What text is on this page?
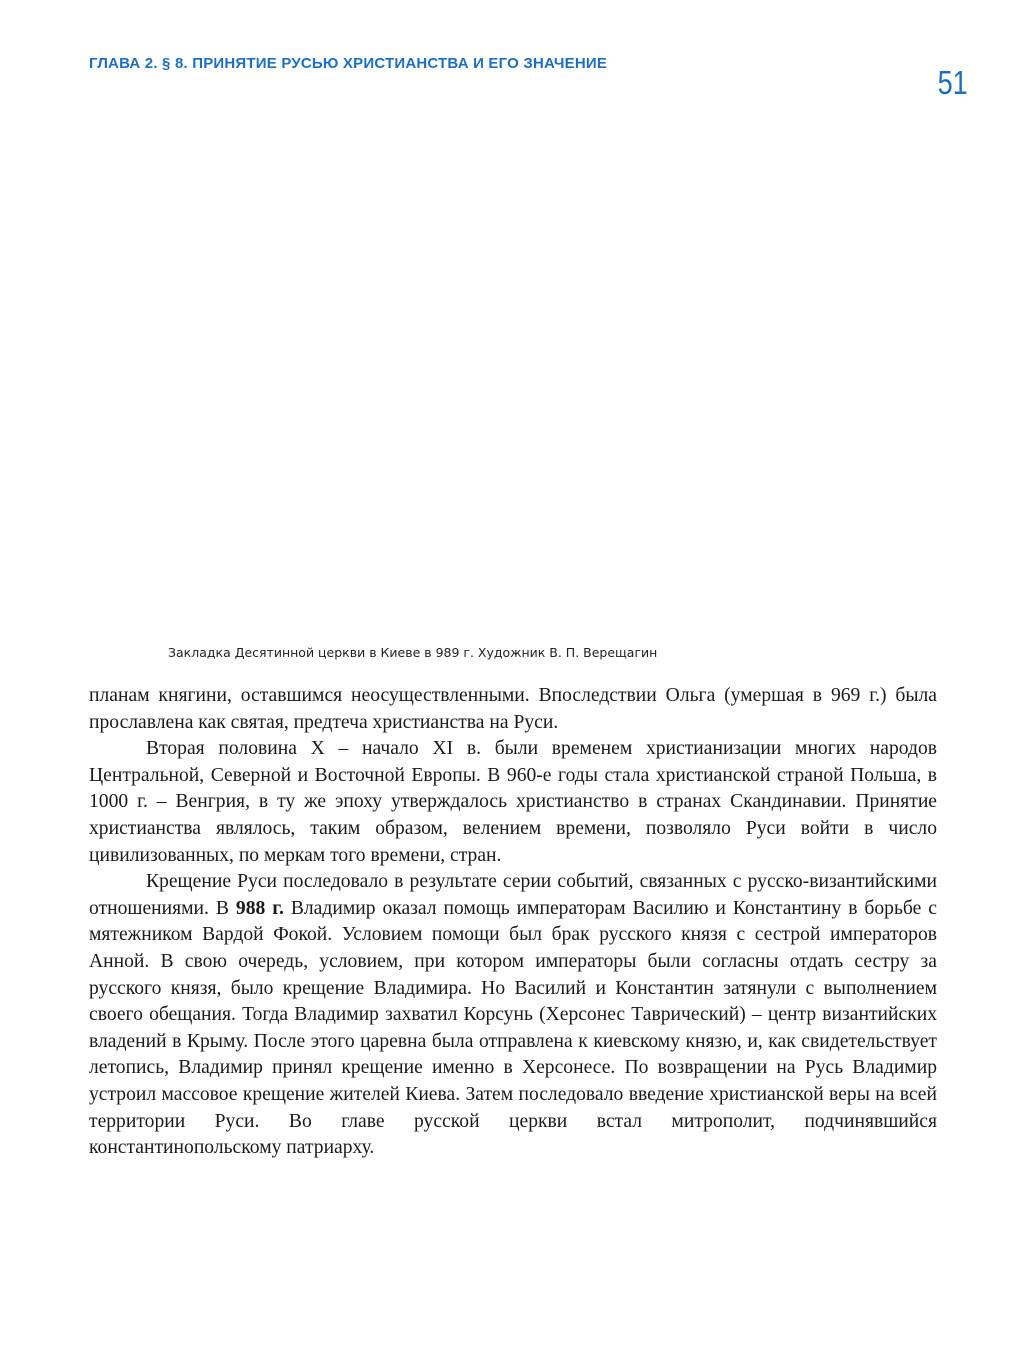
ГЛАВА 2. § 8. ПРИНЯТИЕ РУСЬЮ ХРИСТИАНСТВА И ЕГО ЗНАЧЕНИЕ
51
Закладка Десятинной церкви в Киеве в 989 г. Художник В. П. Верещагин

планам княгини, оставшимся неосуществленными. Впоследствии Ольга (умершая в 969 г.) была прославлена как святая, предтеча христианства на Руси.

Вторая половина X – начало XI в. были временем христианизации многих народов Центральной, Северной и Восточной Европы. В 960-е годы стала христианской страной Польша, в 1000 г. – Венгрия, в ту же эпоху утверждалось христианство в странах Скандинавии. Принятие христианства являлось, таким образом, велением времени, позволяло Руси войти в число цивилизованных, по меркам того времени, стран.

Крещение Руси последовало в результате серии событий, связанных с русско-византийскими отношениями. В 988 г. Владимир оказал помощь императорам Василию и Константину в борьбе с мятежником Вардой Фокой. Условием помощи был брак русского князя с сестрой императоров Анной. В свою очередь, условием, при котором императоры были согласны отдать сестру за русского князя, было крещение Владимира. Но Василий и Константин затянули с выполнением своего обещания. Тогда Владимир захватил Корсунь (Херсонес Таврический) – центр византийских владений в Крыму. После этого царевна была отправлена к киевскому князю, и, как свидетельствует летопись, Владимир принял крещение именно в Херсонесе. По возвращении на Русь Владимир устроил массовое крещение жителей Киева. Затем последовало введение христианской веры на всей территории Руси. Во главе русской церкви встал митрополит, подчинявшийся константинопольскому патриарху.
